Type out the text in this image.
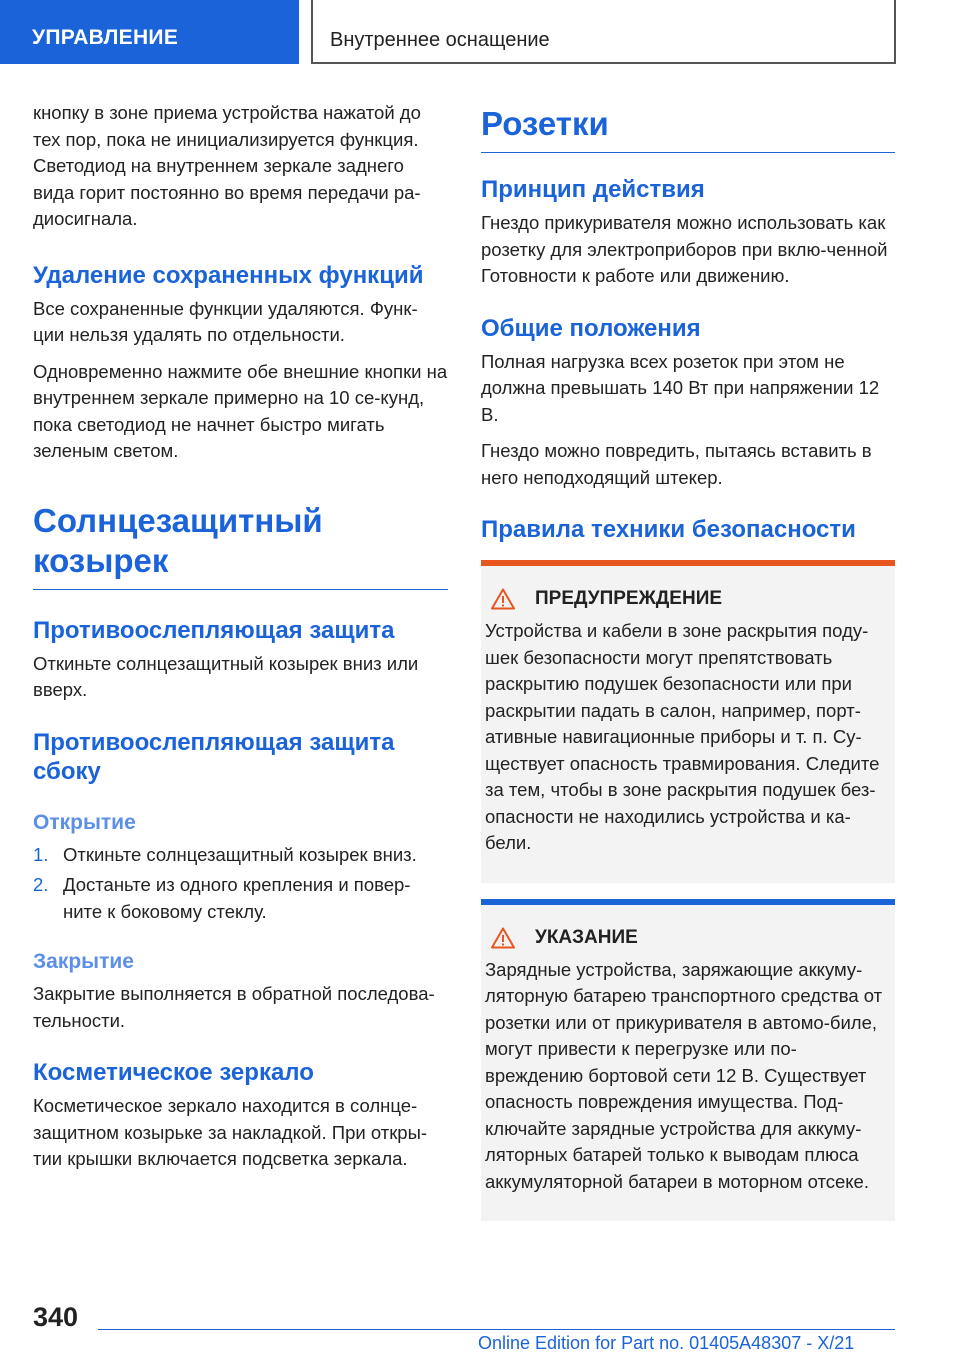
УПРАВЛЕНИЕ	Внутреннее оснащение

кнопку в зоне приема устройства нажатой до тех пор, пока не инициализируется функция. Светодиод на внутреннем зеркале заднего вида горит постоянно во время передачи ра-диосигнала.

Удаление сохраненных функций

Все сохраненные функции удаляются. Функ-ции нельзя удалять по отдельности.

Одновременно нажмите обе внешние кнопки на внутреннем зеркале примерно на 10 се-кунд, пока светодиод не начнет быстро мигать зеленым светом.

Солнцезащитный козырек
Противоослепляющая защита

Откиньте солнцезащитный козырек вниз или вверх.

Противоослепляющая защита сбоку
Открытие
1. Откиньте солнцезащитный козырек вниз.
2. Достаньте из одного крепления и повер-ните к боковому стеклу.
Закрытие

Закрытие выполняется в обратной последова-тельности.

Косметическое зеркало

Косметическое зеркало находится в солнце-защитном козырьке за накладкой. При откры-тии крышки включается подсветка зеркала.

Розетки
Принцип действия

Гнездо прикуривателя можно использовать как розетку для электроприборов при вклю-ченной Готовности к работе или движению.

Общие положения

Полная нагрузка всех розеток при этом не должна превышать 140 Вт при напряжении 12 В.

Гнездо можно повредить, пытаясь вставить в него неподходящий штекер.

Правила техники безопасности
ПРЕДУПРЕЖДЕНИЕ

Устройства и кабели в зоне раскрытия поду-шек безопасности могут препятствовать раскрытию подушек безопасности или при раскрытии падать в салон, например, порт-ативные навигационные приборы и т. п. Су-ществует опасность травмирования. Следите за тем, чтобы в зоне раскрытия подушек без-опасности не находились устройства и ка-бели.

УКАЗАНИЕ

Зарядные устройства, заряжающие аккуму-ляторную батарею транспортного средства от розетки или от прикуривателя в автомо-биле, могут привести к перегрузке или по-вреждению бортовой сети 12 В. Существует опасность повреждения имущества. Под-ключайте зарядные устройства для аккуму-ляторных батарей только к выводам плюса аккумуляторной батареи в моторном отсеке.

340
Online Edition for Part no. 01405A48307 - X/21
